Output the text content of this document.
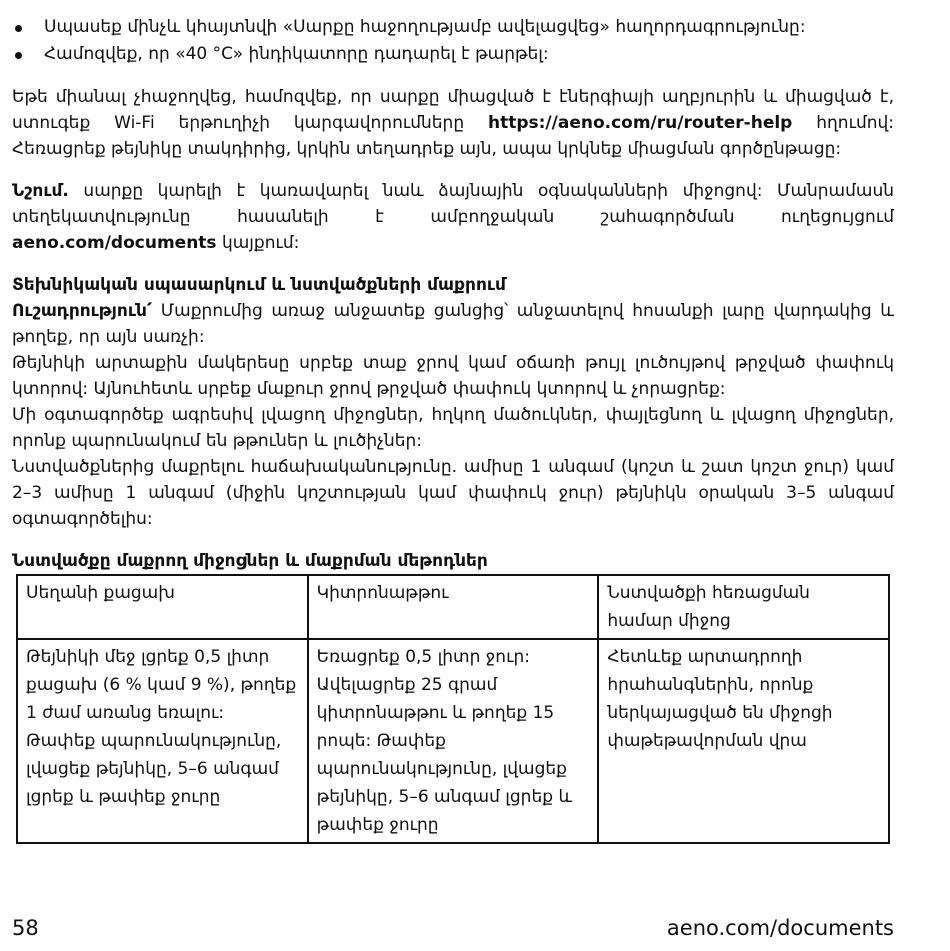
Սպասեք մինչև կհայտնվի «Սարքը հաջողությամբ ավելացվեց» հաղորդագրությունը:
Համոզվեք, որ «40 °C» ինդիկատորը դադարել է թարթել:

Եթե միանալ չհաջողվեց, համոզվեք, որ սարքը միացված է էներգիայի աղբյուրին և միացված է, ստուգեք Wi-Fi երթուղիչի կարգավորումները https://aeno.com/ru/router-help հղումով: Հեռացրեք թեյնիկը տակդիրից, կրկին տեղադրեք այն, ապա կրկնեք միացման գործընթացը:

Նշում. սարքը կարելի է կառավարել նաև ձայնային օգնականների միջոցով: Մանրամասն տեղեկատվությունը հասանելի է ամբողջական շահագործման ուղեցույցում aeno.com/documents կայքում:

Տեխնիկական սպասարկում և նստվածքների մաքրում

Ուշադրություն՛ Մաքրումից առաջ անջատեք ցանցից՝ անջատելով հոսանքի լարը վարդակից և թողեք, որ այն սառչի:

Թեյնիկի արտաքին մակերեսը սրբեք տաք ջրով կամ օճառի թույլ լուծույթով թրջված փափուկ կտորով: Այնուհետև սրբեք մաքուր ջրով թրջված փափուկ կտորով և չորացրեք:

Մի օգտագործեք ագրեսիվ լվացող միջոցներ, հղկող մածուկներ, փայլեցնող և լվացող միջոցներ, որոնք պարունակում են թթուներ և լուծիչներ:

Նստվածքներից մաքրելու հաճախականությունը. ամիսը 1 անգամ (կոշտ և շատ կոշտ ջուր) կամ 2–3 ամիսը 1 անգամ (միջին կոշտության կամ փափուկ ջուր) թեյնիկն օրական 3–5 անգամ օգտագործելիս:

Նստվածքը մաքրող միջոցներ և մաքրման մեթոդներ
Սեղանի քացախ	Կիտրոնաթթու	Նստվածքի հեռացման համար միջոց
Թեյնիկի մեջ լցրեք 0,5 լիտր քացախ (6 % կամ 9 %), թողեք 1 ժամ առանց եռալու: Թափեք պարունակությունը, լվացեք թեյնիկը, 5–6 անգամ լցրեք և թափեք ջուրը	Եռացրեք 0,5 լիտր ջուր: Ավելացրեք 25 գրամ կիտրոնաթթու և թողեք 15 րոպե: Թափեք պարունակությունը, լվացեք թեյնիկը, 5–6 անգամ լցրեք և թափեք ջուրը	Հետևեք արտադրողի հրահանգներին, որոնք ներկայացված են միջոցի փաթեթավորման վրա
58	aeno.com/documents
